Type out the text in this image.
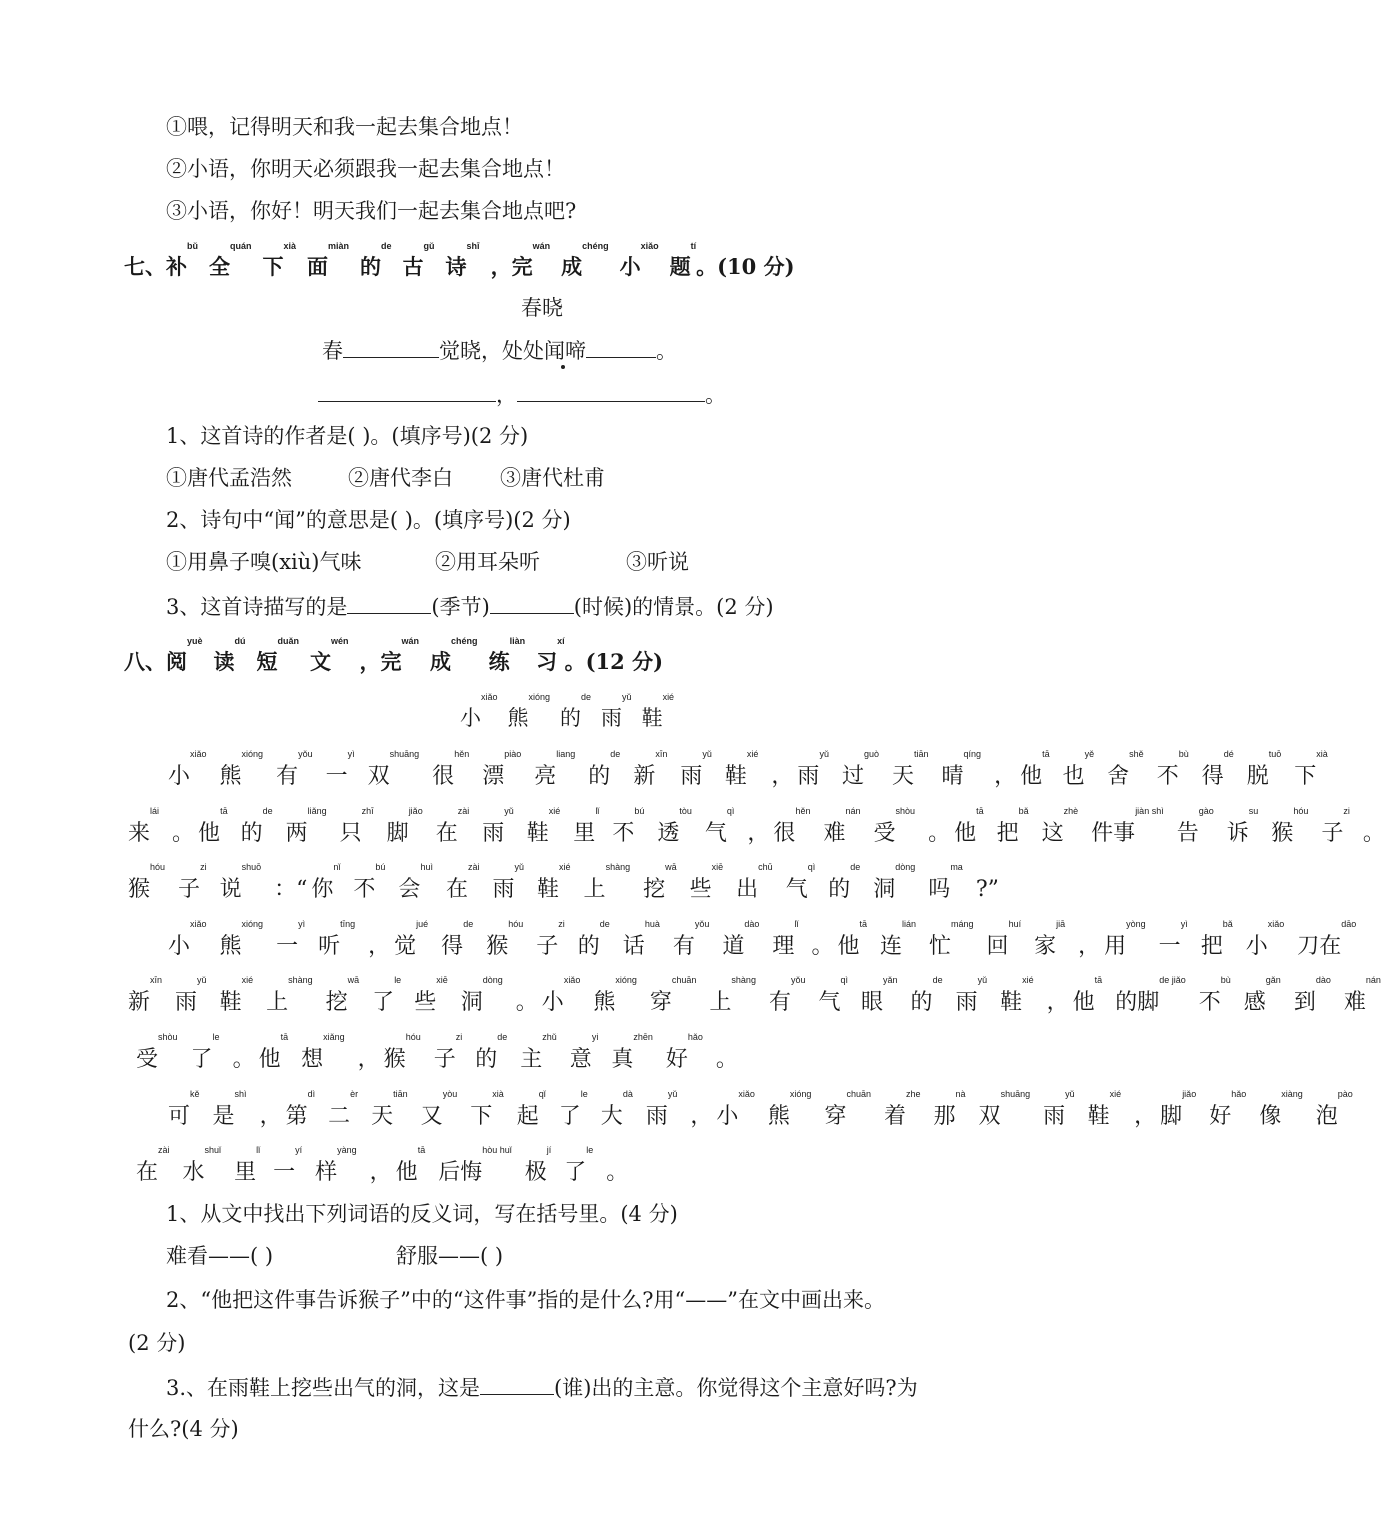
①喂，记得明天和我一起去集合地点！
②小语，你明天必须跟我一起去集合地点！
③小语，你好！明天我们一起去集合地点吧?
七、补bǔ全quán下xià面miàn的de古gǔ诗shī，完wán成chéng小xiǎo题tí。(10 分)
春晓
春	觉晓，处处闻啼	。
，	。
1、这首诗的作者是( )。(填序号)(2 分)
①唐代孟浩然	②唐代李白 ③唐代杜甫
2、诗句中“闻”的意思是( )。(填序号)(2 分)
①用鼻子嗅(xiù)气味	②用耳朵听	③听说
3、这首诗描写的是	(季节)	(时候)的情景。(2 分)
八、阅yuè读dú短duǎn文wén，完wán成chéng练liàn习xí。(12 分)
小xiǎo熊xióng的de雨yǔ鞋xié
小xiǎo熊xióng有yǒu一yì双shuāng很hěn漂piào亮liang的de新xīn雨yǔ鞋xié， 雨yǔ过guò天tiān晴qíng， 他tā也yě舍shě不bù得dé脱tuō下xià
来lái。 他tā的de两liǎng只zhī脚jiǎo在zài雨yǔ鞋xié里lǐ不bú透tòu气qì， 很hěn难nán受shòu。 他tā把bǎ这zhè件事jiàn shì告gào诉su猴hóu子zi。
猴hóu子zi说shuō：“ 你nǐ不bú会huì在zài雨yǔ鞋xié上shàng挖wā些xiē出chū气qì的de洞dòng吗ma?”
小xiǎo熊xióng一yì听tīng， 觉jué得de猴hóu子zi的de话huà有yǒu道dào理lǐ。 他tā连lián忙máng回huí家jiā， 用yòng一yì把bǎ小xiǎo刀在dāo
新xīn雨yǔ鞋xié上shàng挖wā了le些xiē洞dòng。 小xiǎo熊xióng穿chuān上shàng有yǒu气qì眼yǎn的de雨yǔ鞋xié， 他tā的脚de jiǎo不bù感gǎn到dào难nán
受shòu了le。 他tā想xiǎng， 猴hóu子zi的de主zhǔ意yi真zhēn好hǎo。
可kě是shì， 第dì二èr天tiān又yòu下xià起qǐ了le大dà雨yǔ， 小xiǎo熊xióng穿chuān着zhe那nà双shuāng雨yǔ鞋xié， 脚jiǎo好hǎo像xiàng泡pào
在zài水shuǐ里lǐ一yí样yàng， 他tā后悔hòu huǐ极jí了le。
1、从文中找出下列词语的反义词，写在括号里。(4 分)
难看——( )	舒服——( )
2、“他把这件事告诉猴子”中的“这件事”指的是什么?用“——”在文中画出来。
(2 分)
3.、在雨鞋上挖些出气的洞，这是	(谁)出的主意。你觉得这个主意好吗?为
什么?(4 分)
